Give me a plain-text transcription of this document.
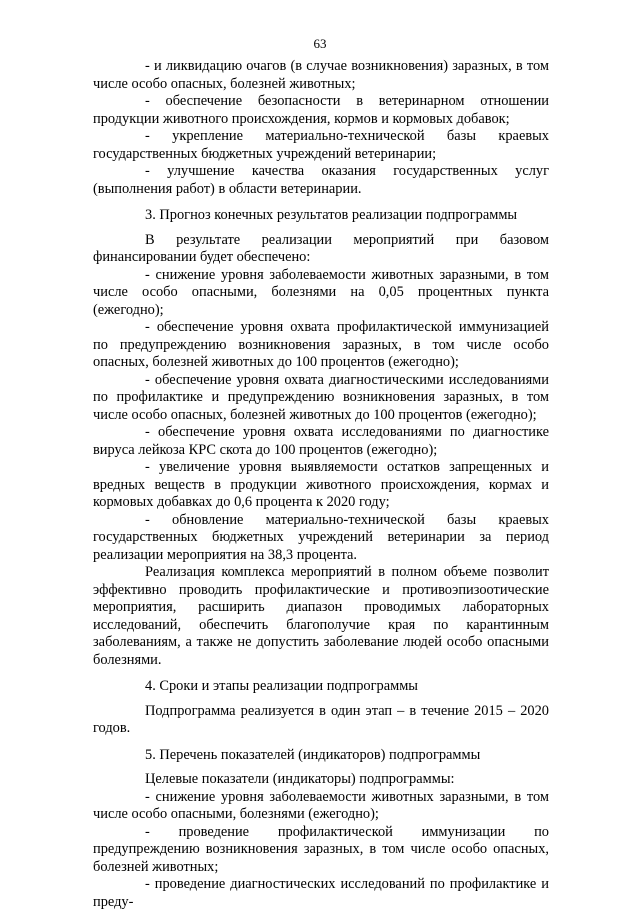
63

- и ликвидацию очагов (в случае возникновения) заразных, в том числе особо опасных, болезней животных;

- обеспечение безопасности в ветеринарном отношении продукции животного происхождения, кормов и кормовых добавок;

- укрепление материально-технической базы краевых государственных бюджетных учреждений ветеринарии;

- улучшение качества оказания государственных услуг (выполнения работ) в области ветеринарии.

3. Прогноз конечных результатов реализации подпрограммы

В результате реализации мероприятий при базовом финансировании будет обеспечено:

- снижение уровня заболеваемости животных заразными, в том числе особо опасными, болезнями на 0,05 процентных пункта (ежегодно);

- обеспечение уровня охвата профилактической иммунизацией по предупреждению возникновения заразных, в том числе особо опасных, болезней животных до 100 процентов (ежегодно);

- обеспечение уровня охвата диагностическими исследованиями по профилактике и предупреждению возникновения заразных, в том числе особо опасных, болезней животных до 100 процентов (ежегодно);

- обеспечение уровня охвата исследованиями по диагностике вируса лейкоза КРС скота до 100 процентов (ежегодно);

- увеличение уровня выявляемости остатков запрещенных и вредных веществ в продукции животного происхождения, кормах и кормовых добавках до 0,6 процента к 2020 году;

- обновление материально-технической базы краевых государственных бюджетных учреждений ветеринарии за период реализации мероприятия на 38,3 процента.

Реализация комплекса мероприятий в полном объеме позволит эффективно проводить профилактические и противоэпизоотические мероприятия, расширить диапазон проводимых лабораторных исследований, обеспечить благополучие края по карантинным заболеваниям, а также не допустить заболевание людей особо опасными болезнями.

4. Сроки и этапы реализации подпрограммы

Подпрограмма реализуется в один этап – в течение 2015 – 2020 годов.

5. Перечень показателей (индикаторов) подпрограммы

Целевые показатели (индикаторы) подпрограммы:

- снижение уровня заболеваемости животных заразными, в том числе особо опасными, болезнями (ежегодно);

- проведение профилактической иммунизации по предупреждению возникновения заразных, в том числе особо опасных, болезней животных;

- проведение диагностических исследований по профилактике и преду-
